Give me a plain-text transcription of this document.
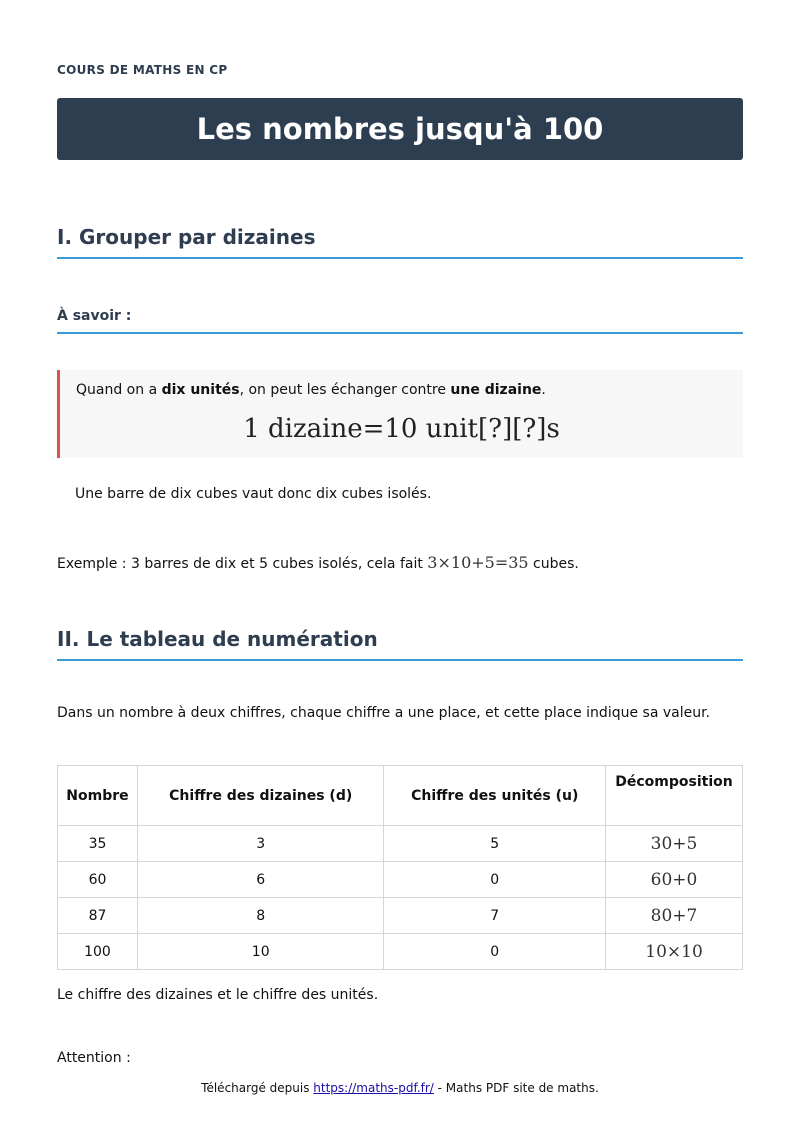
COURS DE MATHS EN CP
Les nombres jusqu'à 100
I. Grouper par dizaines
À savoir :
Quand on a dix unités, on peut les échanger contre une dizaine.
1 dizaine=10 unit[?][?]s
Une barre de dix cubes vaut donc dix cubes isolés.
Exemple : 3 barres de dix et 5 cubes isolés, cela fait 3×10+5=35 cubes.
II. Le tableau de numération
Dans un nombre à deux chiffres, chaque chiffre a une place, et cette place indique sa valeur.
Nombre	Chiffre des dizaines (d)	Chiffre des unités (u)	Décomposition
35	3	5	30+5
60	6	0	60+0
87	8	7	80+7
100	10	0	10×10
Le chiffre des dizaines et le chiffre des unités.
Attention :
Téléchargé depuis https://maths-pdf.fr/ - Maths PDF site de maths.
